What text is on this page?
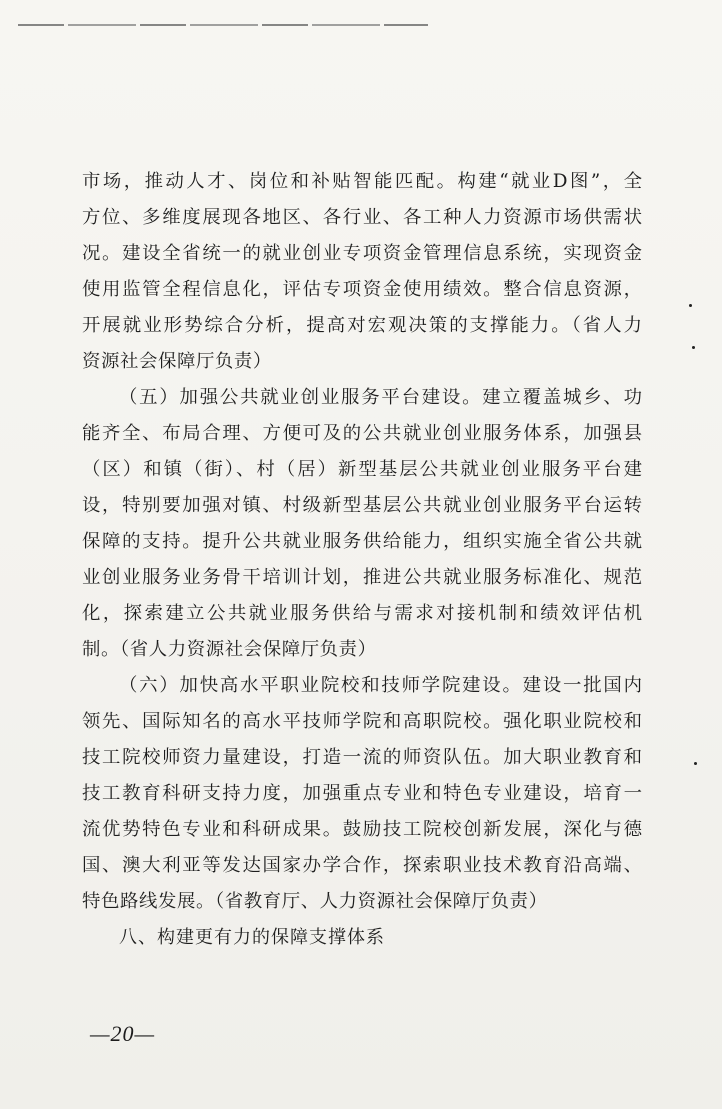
市场，推动人才、岗位和补贴智能匹配。构建“就业D图”，全
方位、多维度展现各地区、各行业、各工种人力资源市场供需状
况。建设全省统一的就业创业专项资金管理信息系统，实现资金
使用监管全程信息化，评估专项资金使用绩效。整合信息资源，
开展就业形势综合分析，提高对宏观决策的支撑能力。（省人力
资源社会保障厅负责）
（五）加强公共就业创业服务平台建设。建立覆盖城乡、功
能齐全、布局合理、方便可及的公共就业创业服务体系，加强县
（区）和镇（街）、村（居）新型基层公共就业创业服务平台建
设，特别要加强对镇、村级新型基层公共就业创业服务平台运转
保障的支持。提升公共就业服务供给能力，组织实施全省公共就
业创业服务业务骨干培训计划，推进公共就业服务标准化、规范
化，探索建立公共就业服务供给与需求对接机制和绩效评估机
制。（省人力资源社会保障厅负责）
（六）加快高水平职业院校和技师学院建设。建设一批国内
领先、国际知名的高水平技师学院和高职院校。强化职业院校和
技工院校师资力量建设，打造一流的师资队伍。加大职业教育和
技工教育科研支持力度，加强重点专业和特色专业建设，培育一
流优势特色专业和科研成果。鼓励技工院校创新发展，深化与德
国、澳大利亚等发达国家办学合作，探索职业技术教育沿高端、
特色路线发展。（省教育厅、人力资源社会保障厅负责）
八、构建更有力的保障支撑体系
—20—
